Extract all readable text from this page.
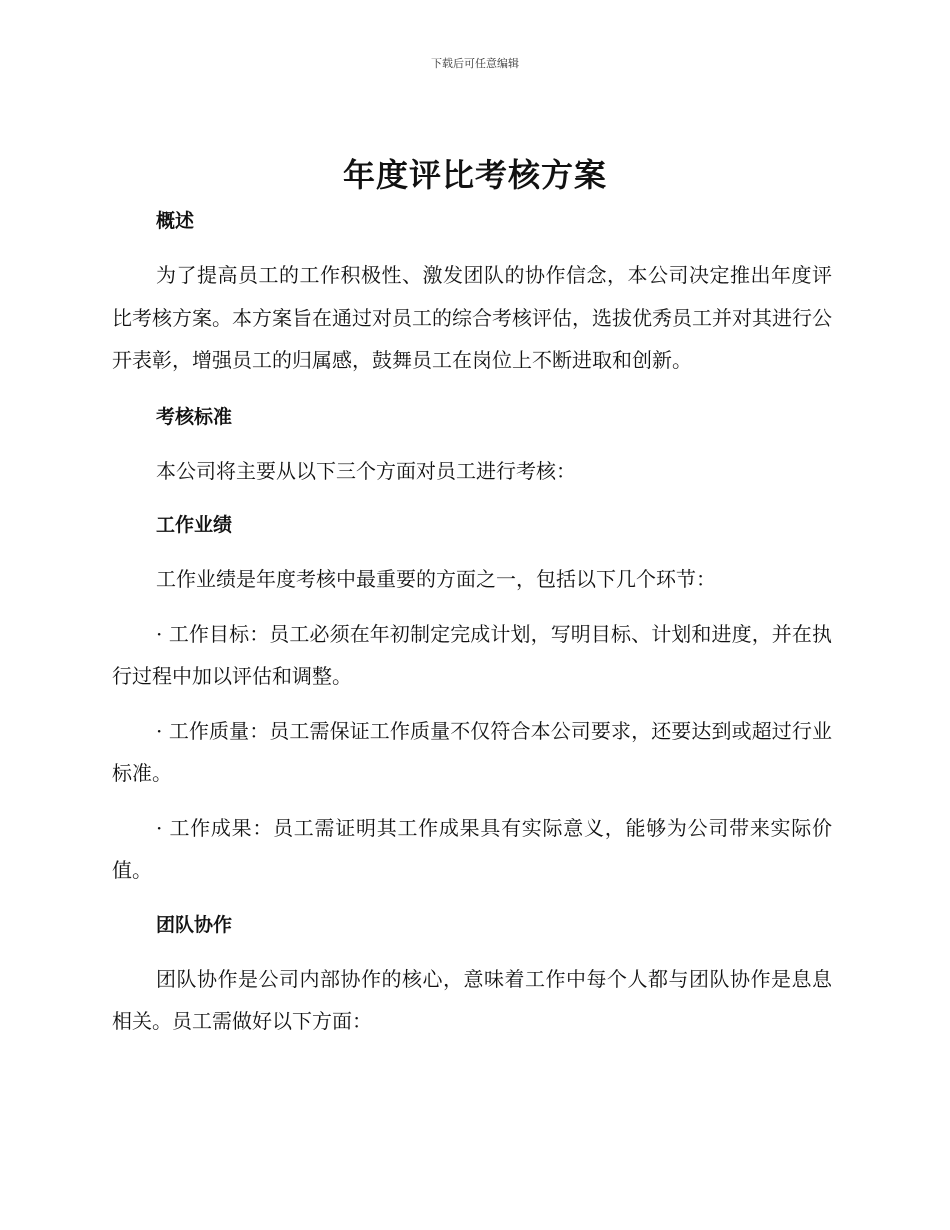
下载后可任意编辑
年度评比考核方案
概述

为了提高员工的工作积极性、激发团队的协作信念，本公司决定推出年度评比考核方案。本方案旨在通过对员工的综合考核评估，选拔优秀员工并对其进行公开表彰，增强员工的归属感，鼓舞员工在岗位上不断进取和创新。

考核标准

本公司将主要从以下三个方面对员工进行考核：

工作业绩

工作业绩是年度考核中最重要的方面之一，包括以下几个环节：

· 工作目标：员工必须在年初制定完成计划，写明目标、计划和进度，并在执行过程中加以评估和调整。

· 工作质量：员工需保证工作质量不仅符合本公司要求，还要达到或超过行业标准。

· 工作成果：员工需证明其工作成果具有实际意义，能够为公司带来实际价值。

团队协作

团队协作是公司内部协作的核心，意味着工作中每个人都与团队协作是息息相关。员工需做好以下方面：
